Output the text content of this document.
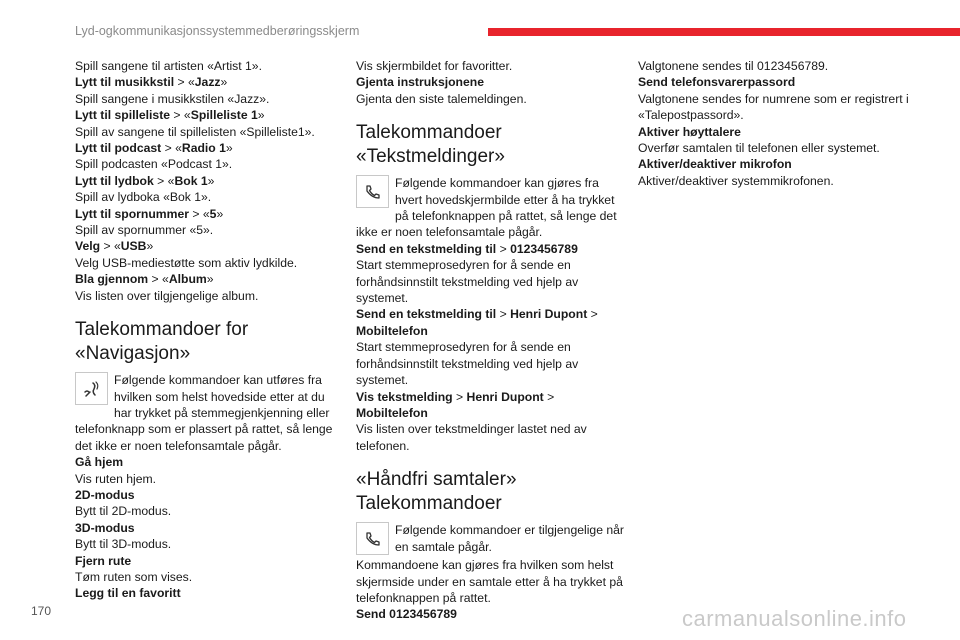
Lyd-ogkommunikasjonssystemmedberøringsskjerm

Spill sangene til artisten «Artist 1».

Lytt til musikkstil > «Jazz»

Spill sangene i musikkstilen «Jazz».

Lytt til spilleliste > «Spilleliste 1»

Spill av sangene til spillelisten «Spilleliste1».

Lytt til podcast > «Radio 1»

Spill podcasten «Podcast 1».

Lytt til lydbok > «Bok 1»

Spill av lydboka «Bok 1».

Lytt til spornummer > «5»

Spill av spornummer «5».

Velg > «USB»

Velg USB-mediestøtte som aktiv lydkilde.

Bla gjennom > «Album»

Vis listen over tilgjengelige album.

Talekommandoer for «Navigasjon»
Følgende kommandoer kan utføres fra hvilken som helst hovedside etter at du har trykket på stemmegjenkjenning eller telefonknapp som er plassert på rattet, så lenge det ikke er noen telefonsamtale pågår.

Gå hjem

Vis ruten hjem.

2D-modus

Bytt til 2D-modus.

3D-modus

Bytt til 3D-modus.

Fjern rute

Tøm ruten som vises.

Legg til en favoritt

Vis skjermbildet for favoritter.

Gjenta instruksjonene

Gjenta den siste talemeldingen.

Talekommandoer «Tekstmeldinger»
Følgende kommandoer kan gjøres fra hvert hovedskjermbilde etter å ha trykket på telefonknappen på rattet, så lenge det ikke er noen telefonsamtale pågår.

Send en tekstmelding til > 0123456789

Start stemmeprosedyren for å sende en forhåndsinnstilt tekstmelding ved hjelp av systemet.

Send en tekstmelding til > Henri Dupont > Mobiltelefon

Start stemmeprosedyren for å sende en forhåndsinnstilt tekstmelding ved hjelp av systemet.

Vis tekstmelding > Henri Dupont > Mobiltelefon

Vis listen over tekstmeldinger lastet ned av telefonen.

«Håndfri samtaler» Talekommandoer
Følgende kommandoer er tilgjengelige når en samtale pågår.

Kommandoene kan gjøres fra hvilken som helst skjermside under en samtale etter å ha trykket på telefonknappen på rattet.

Send 0123456789

Valgtonene sendes til 0123456789.

Send telefonsvarerpassord

Valgtonene sendes for numrene som er registrert i «Talepostpassord».

Aktiver høyttalere

Overfør samtalen til telefonen eller systemet.

Aktiver/deaktiver mikrofon

Aktiver/deaktiver systemmikrofonen.

170	carmanualsonline.info
